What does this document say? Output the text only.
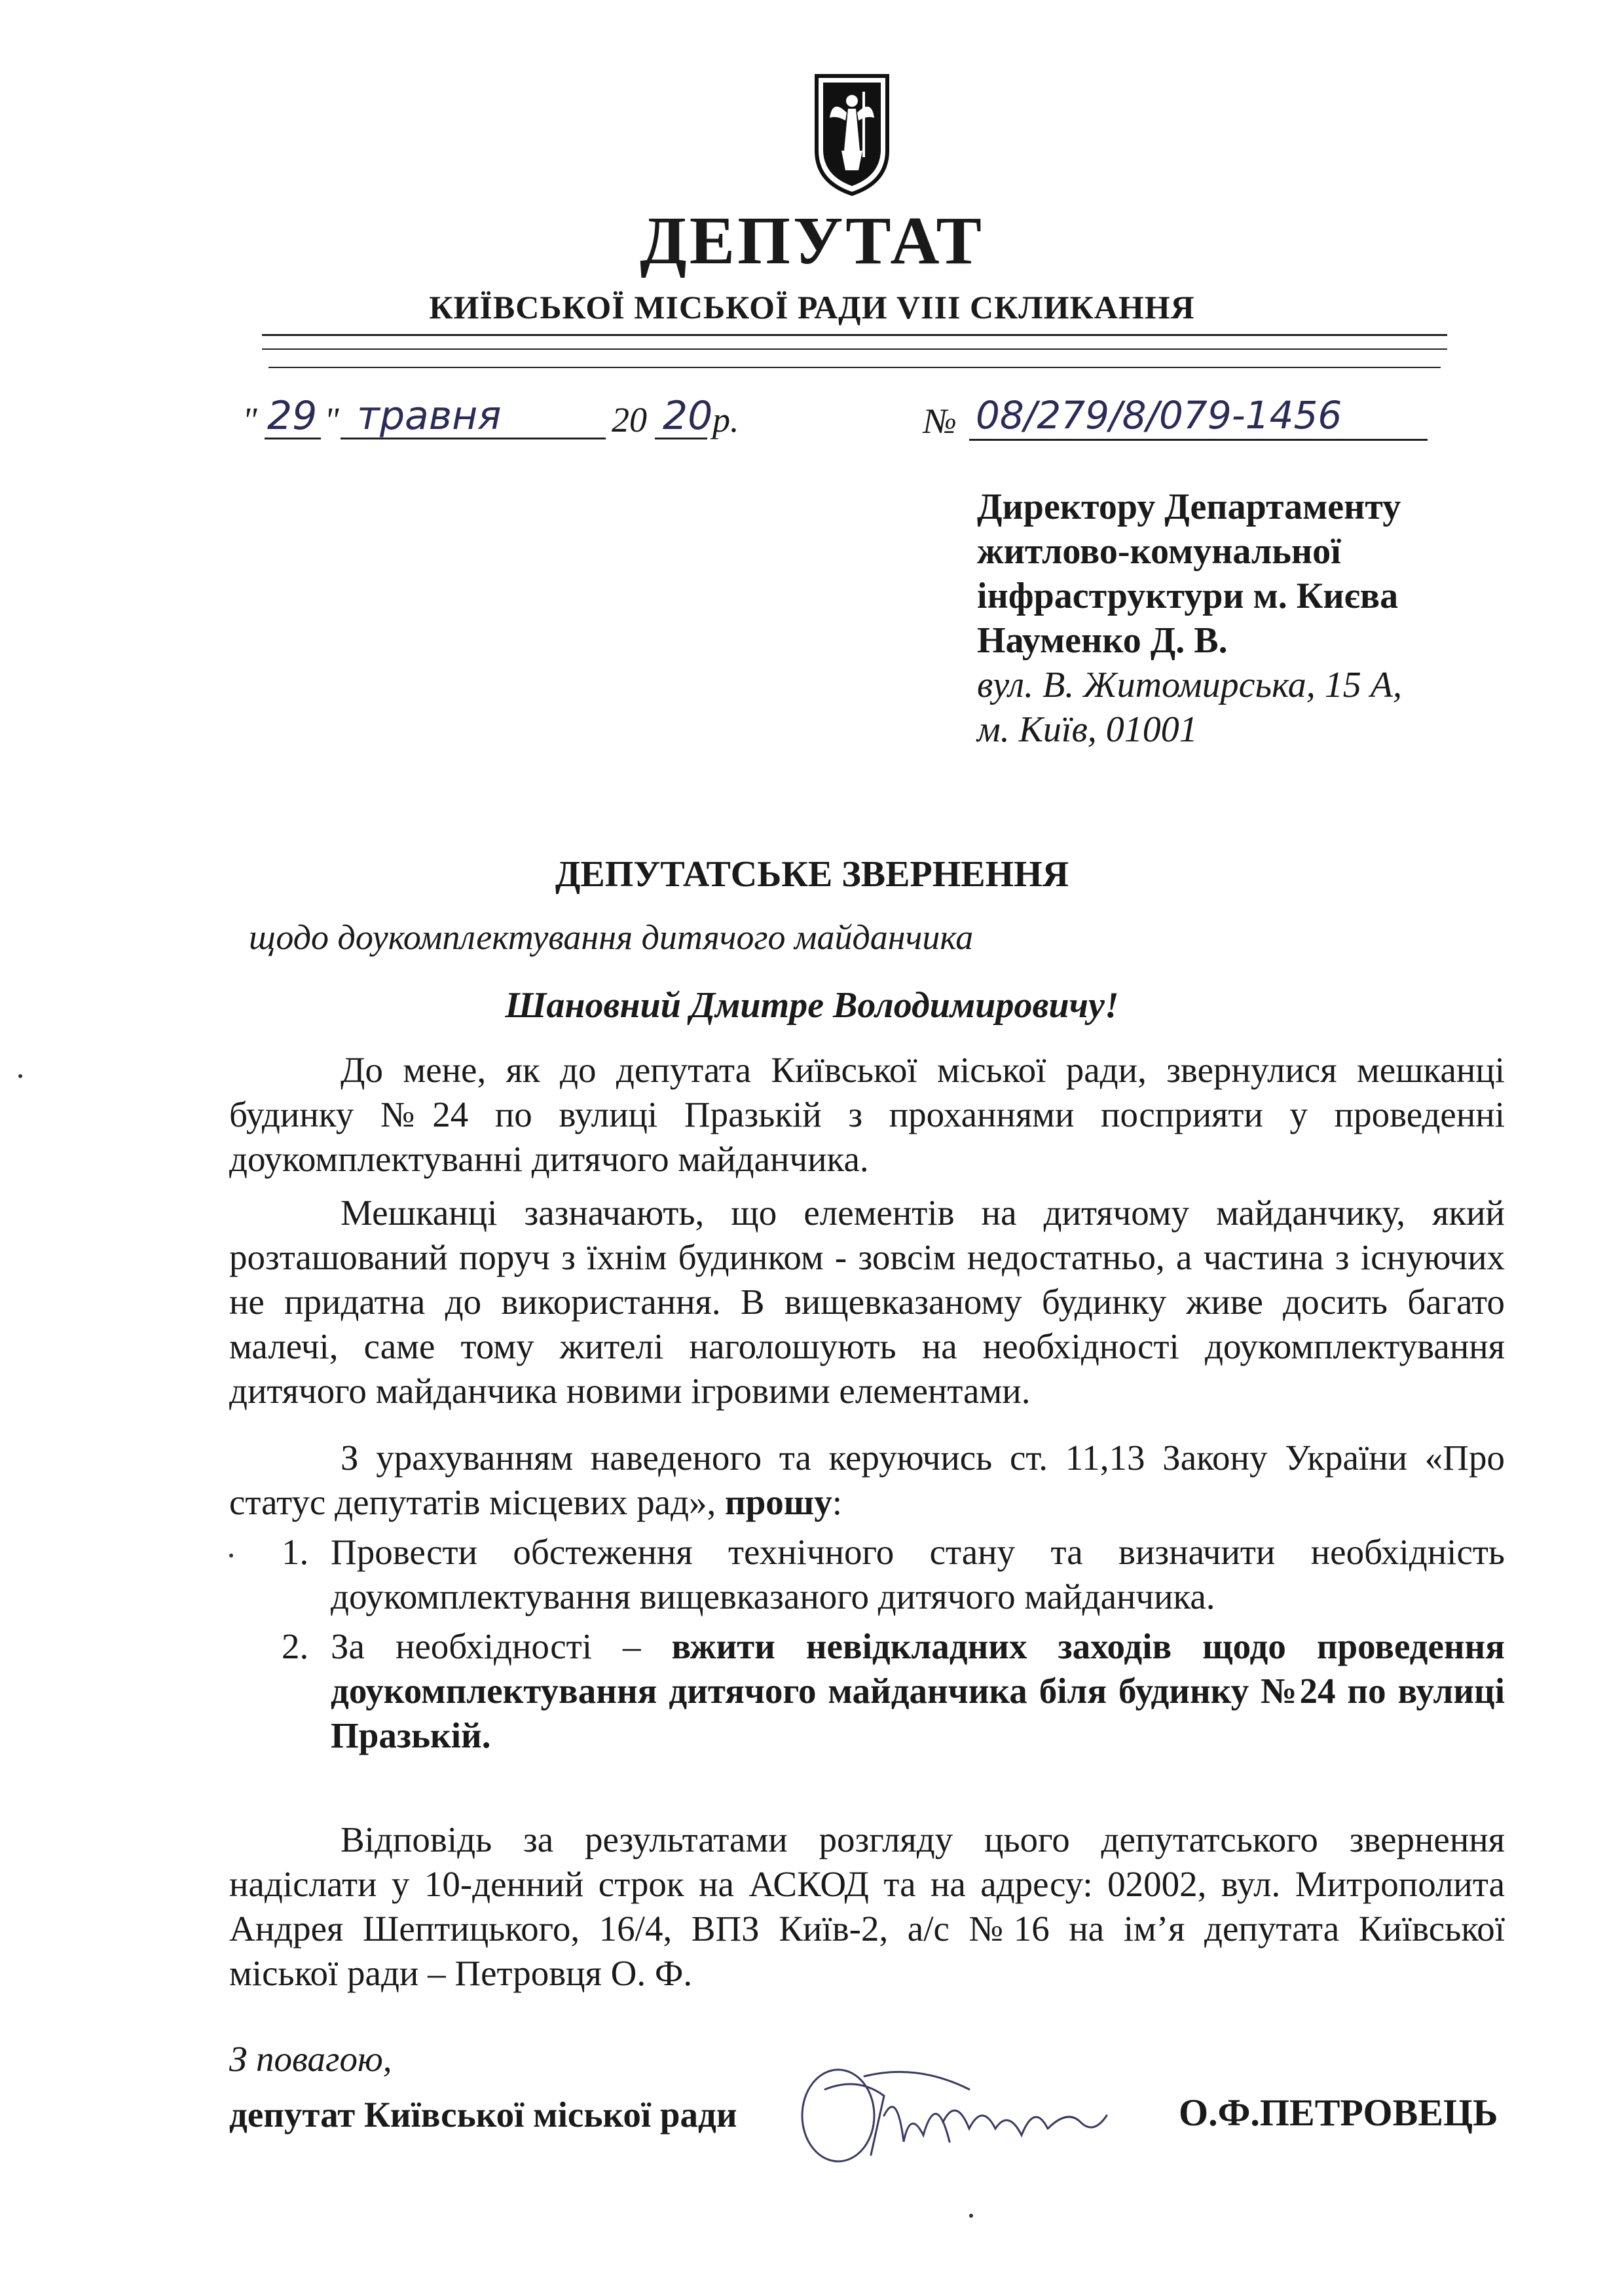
ДЕПУТАТ
КИЇВСЬКОЇ МІСЬКОЇ РАДИ VIII СКЛИКАННЯ
" 29 " травня	20 20 р.	№ 08/279/8/079-1456
Директору Департаменту
житлово-комунальної
інфраструктури м. Києва
Науменко Д. В.
вул. В. Житомирська, 15 А,
м. Київ, 01001
ДЕПУТАТСЬКЕ ЗВЕРНЕННЯ
щодо доукомплектування дитячого майданчика
Шановний Дмитре Володимировичу!
До мене, як до депутата Київської міської ради, звернулися мешканці будинку №24 по вулиці Празькій з проханнями посприяти у проведенні доукомплектуванні дитячого майданчика.
Мешканці зазначають, що елементів на дитячому майданчику, який розташований поруч з їхнім будинком - зовсім недостатньо, а частина з існуючих не придатна до використання. В вищевказаному будинку живе досить багато малечі, саме тому жителі наголошують на необхідності доукомплектування дитячого майданчика новими ігровими елементами.
З урахуванням наведеного та керуючись ст. 11,13 Закону України «Про статус депутатів місцевих рад», прошу:
1. Провести обстеження технічного стану та визначити необхідність доукомплектування вищевказаного дитячого майданчика.
2. За необхідності – вжити невідкладних заходів щодо проведення доукомплектування дитячого майданчика біля будинку №24 по вулиці Празькій.
Відповідь за результатами розгляду цього депутатського звернення надіслати у 10-денний строк на АСКОД та на адресу: 02002, вул. Митрополита Андрея Шептицького, 16/4, ВПЗ Київ-2, а/с №16 на ім’я депутата Київської міської ради – Петровця О. Ф.
З повагою,
депутат Київської міської ради	О.Ф.ПЕТРОВЕЦЬ
